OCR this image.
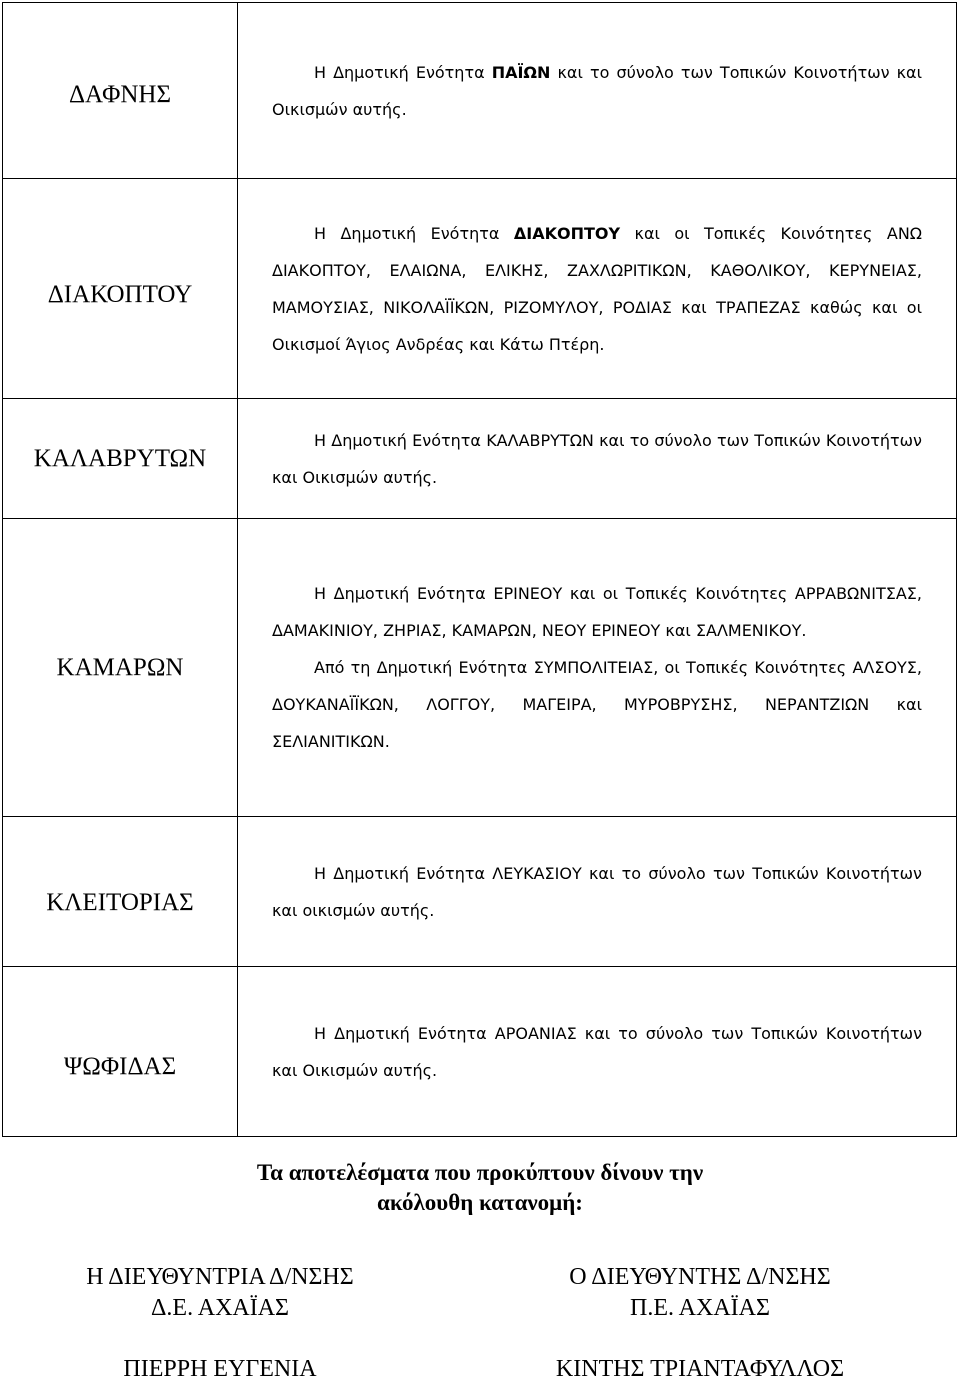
ΔΑΦΝΗΣ	Η Δημοτική Ενότητα ΠΑΪΩΝ και το σύνολο των Τοπικών Κοινοτήτων και Οικισμών αυτής.

ΔΙΑΚΟΠΤΟΥ	Η Δημοτική Ενότητα ΔΙΑΚΟΠΤΟΥ και οι Τοπικές Κοινότητες ΑΝΩ ΔΙΑΚΟΠΤΟΥ, ΕΛΑΙΩΝΑ, ΕΛΙΚΗΣ, ΖΑΧΛΩΡΙΤΙΚΩΝ, ΚΑΘΟΛΙΚΟΥ, ΚΕΡΥΝΕΙΑΣ, ΜΑΜΟΥΣΙΑΣ, ΝΙΚΟΛΑΪΪΚΩΝ, ΡΙΖΟΜΥΛΟΥ, ΡΟΔΙΑΣ και ΤΡΑΠΕΖΑΣ καθώς και οι Οικισμοί Άγιος Ανδρέας και Κάτω Πτέρη.

ΚΑΛΑΒΡΥΤΩΝ	Η Δημοτική Ενότητα ΚΑΛΑΒΡΥΤΩΝ και το σύνολο των Τοπικών Κοινοτήτων και Οικισμών αυτής.

ΚΑΜΑΡΩΝ	Η Δημοτική Ενότητα ΕΡΙΝΕΟΥ και οι Τοπικές Κοινότητες ΑΡΡΑΒΩΝΙΤΣΑΣ, ΔΑΜΑΚΙΝΙΟΥ, ΖΗΡΙΑΣ, ΚΑΜΑΡΩΝ, ΝΕΟΥ ΕΡΙΝΕΟΥ και ΣΑΛΜΕΝΙΚΟΥ.

Από τη Δημοτική Ενότητα ΣΥΜΠΟΛΙΤΕΙΑΣ, οι Τοπικές Κοινότητες ΑΛΣΟΥΣ, ΔΟΥΚΑΝΑΪΪΚΩΝ, ΛΟΓΓΟΥ, ΜΑΓΕΙΡΑ, ΜΥΡΟΒΡΥΣΗΣ, ΝΕΡΑΝΤΖΙΩΝ και ΣΕΛΙΑΝΙΤΙΚΩΝ.

ΚΛΕΙΤΟΡΙΑΣ	Η Δημοτική Ενότητα ΛΕΥΚΑΣΙΟΥ και το σύνολο των Τοπικών Κοινοτήτων και οικισμών αυτής.

ΨΩΦΙΔΑΣ	Η Δημοτική Ενότητα ΑΡΟΑΝΙΑΣ και το σύνολο των Τοπικών Κοινοτήτων και Οικισμών αυτής.

Τα αποτελέσματα που προκύπτουν δίνουν την
ακόλουθη κατανομή:
Η ΔΙΕΥΘΥΝΤΡΙΑ Δ/ΝΣΗΣ
Δ.Ε. ΑΧΑΪΑΣ
ΠΙΕΡΡΗ ΕΥΓΕΝΙΑ
Ο ΔΙΕΥΘΥΝΤΗΣ Δ/ΝΣΗΣ
Π.Ε. ΑΧΑΪΑΣ
ΚΙΝΤΗΣ ΤΡΙΑΝΤΑΦΥΛΛΟΣ
